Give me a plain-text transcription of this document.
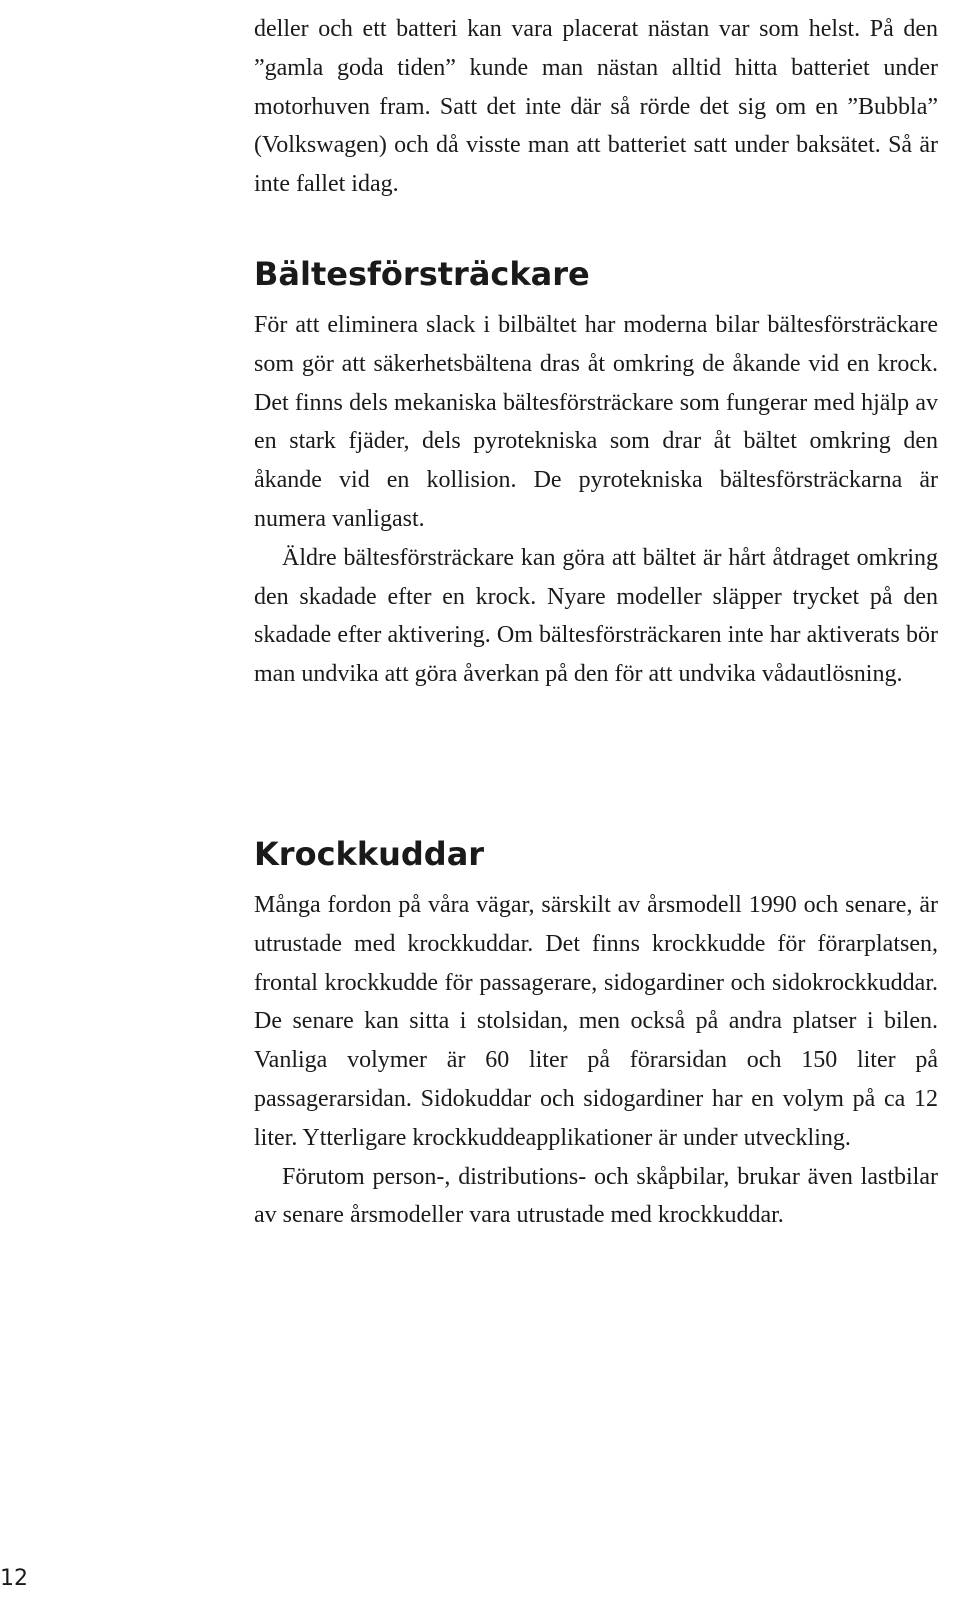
deller och ett batteri kan vara placerat nästan var som helst. På den ”gamla goda tiden” kunde man nästan alltid hitta batteriet under motorhuven fram. Satt det inte där så rörde det sig om en ”Bubbla” (Volkswagen) och då visste man att batteriet satt under baksätet. Så är inte fallet idag.

Bältesförsträckare

För att eliminera slack i bilbältet har moderna bilar bältesförsträckare som gör att säkerhetsbältena dras åt omkring de åkande vid en krock. Det finns dels mekaniska bältesförsträckare som fungerar med hjälp av en stark fjäder, dels pyrotekniska som drar åt bältet omkring den åkande vid en kollision. De pyrotekniska bältesförsträckarna är numera vanligast.

Äldre bältesförsträckare kan göra att bältet är hårt åtdraget omkring den skadade efter en krock. Nyare modeller släpper trycket på den skadade efter aktivering. Om bältesförsträckaren inte har aktiverats bör man undvika att göra åverkan på den för att undvika vådautlösning.

Krockkuddar

Många fordon på våra vägar, särskilt av årsmodell 1990 och senare, är utrustade med krockkuddar. Det finns krockkudde för förarplatsen, frontal krockkudde för passagerare, sidogardiner och sidokrockkuddar. De senare kan sitta i stolsidan, men också på andra platser i bilen. Vanliga volymer är 60 liter på förarsidan och 150 liter på passagerarsidan. Sidokuddar och sidogardiner har en volym på ca 12 liter. Ytterligare krockkuddeapplikationer är under utveckling.

Förutom person-, distributions- och skåpbilar, brukar även lastbilar av senare årsmodeller vara utrustade med krockkuddar.

12
